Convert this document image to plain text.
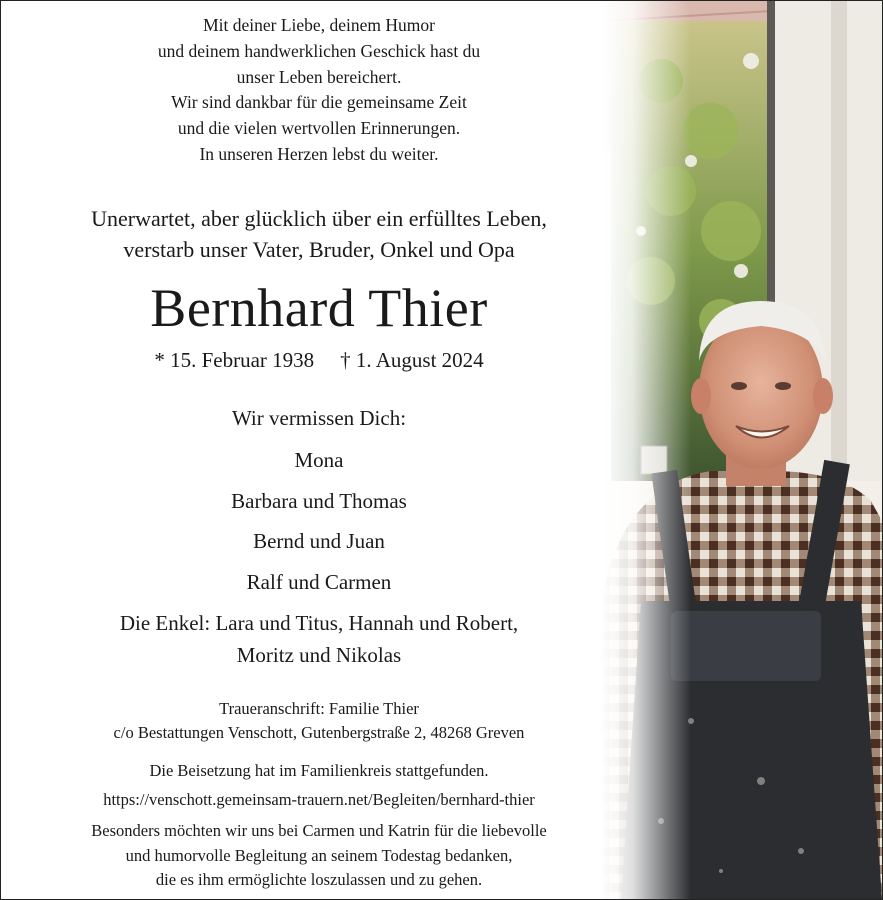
Mit deiner Liebe, deinem Humor
und deinem handwerklichen Geschick hast du
unser Leben bereichert.
Wir sind dankbar für die gemeinsame Zeit
und die vielen wertvollen Erinnerungen.
In unseren Herzen lebst du weiter.
Unerwartet, aber glücklich über ein erfülltes Leben,
verstarb unser Vater, Bruder, Onkel und Opa
Bernhard Thier
* 15. Februar 1938 † 1. August 2024
Wir vermissen Dich:
Mona
Barbara und Thomas
Bernd und Juan
Ralf und Carmen
Die Enkel: Lara und Titus, Hannah und Robert,
Moritz und Nikolas
Traueranschrift: Familie Thier
c/o Bestattungen Venschott, Gutenbergstraße 2, 48268 Greven
Die Beisetzung hat im Familienkreis stattgefunden.
https://venschott.gemeinsam-trauern.net/Begleiten/bernhard-thier
Besonders möchten wir uns bei Carmen und Katrin für die liebevolle
und humorvolle Begleitung an seinem Todestag bedanken,
die es ihm ermöglichte loszulassen und zu gehen.
